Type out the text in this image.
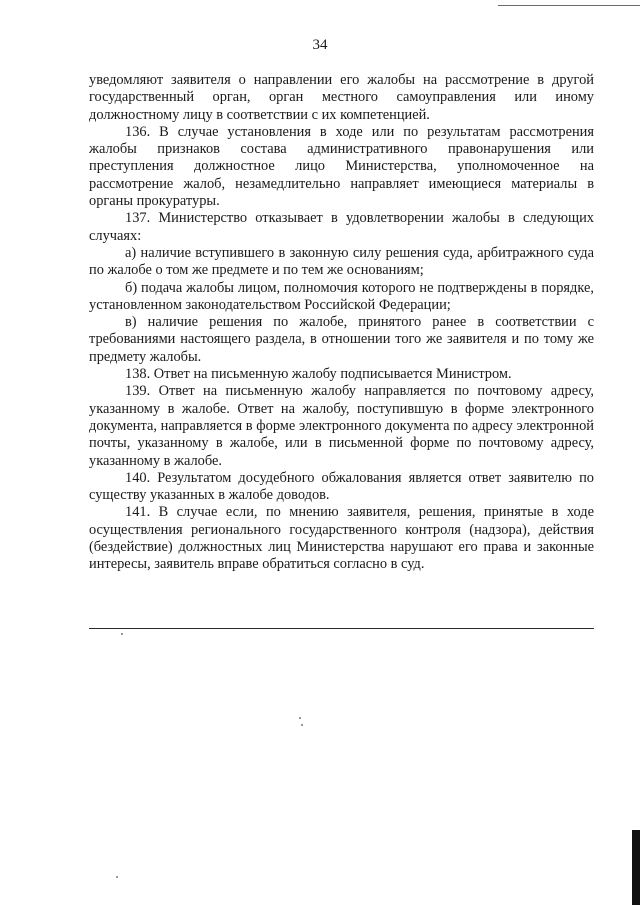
34

уведомляют заявителя о направлении его жалобы на рассмотрение в другой государственный орган, орган местного самоуправления или иному должностному лицу в соответствии с их компетенцией.

136. В случае установления в ходе или по результатам рассмотрения жалобы признаков состава административного правонарушения или преступления должностное лицо Министерства, уполномоченное на рассмотрение жалоб, незамедлительно направляет имеющиеся материалы в органы прокуратуры.

137. Министерство отказывает в удовлетворении жалобы в следующих случаях:

а) наличие вступившего в законную силу решения суда, арбитражного суда по жалобе о том же предмете и по тем же основаниям;

б) подача жалобы лицом, полномочия которого не подтверждены в порядке, установленном законодательством Российской Федерации;

в) наличие решения по жалобе, принятого ранее в соответствии с требованиями настоящего раздела, в отношении того же заявителя и по тому же предмету жалобы.

138. Ответ на письменную жалобу подписывается Министром.

139. Ответ на письменную жалобу направляется по почтовому адресу, указанному в жалобе. Ответ на жалобу, поступившую в форме электронного документа, направляется в форме электронного документа по адресу электронной почты, указанному в жалобе, или в письменной форме по почтовому адресу, указанному в жалобе.

140. Результатом досудебного обжалования является ответ заявителю по существу указанных в жалобе доводов.

141. В случае если, по мнению заявителя, решения, принятые в ходе осуществления регионального государственного контроля (надзора), действия (бездействие) должностных лиц Министерства нарушают его права и законные интересы, заявитель вправе обратиться согласно в суд.
